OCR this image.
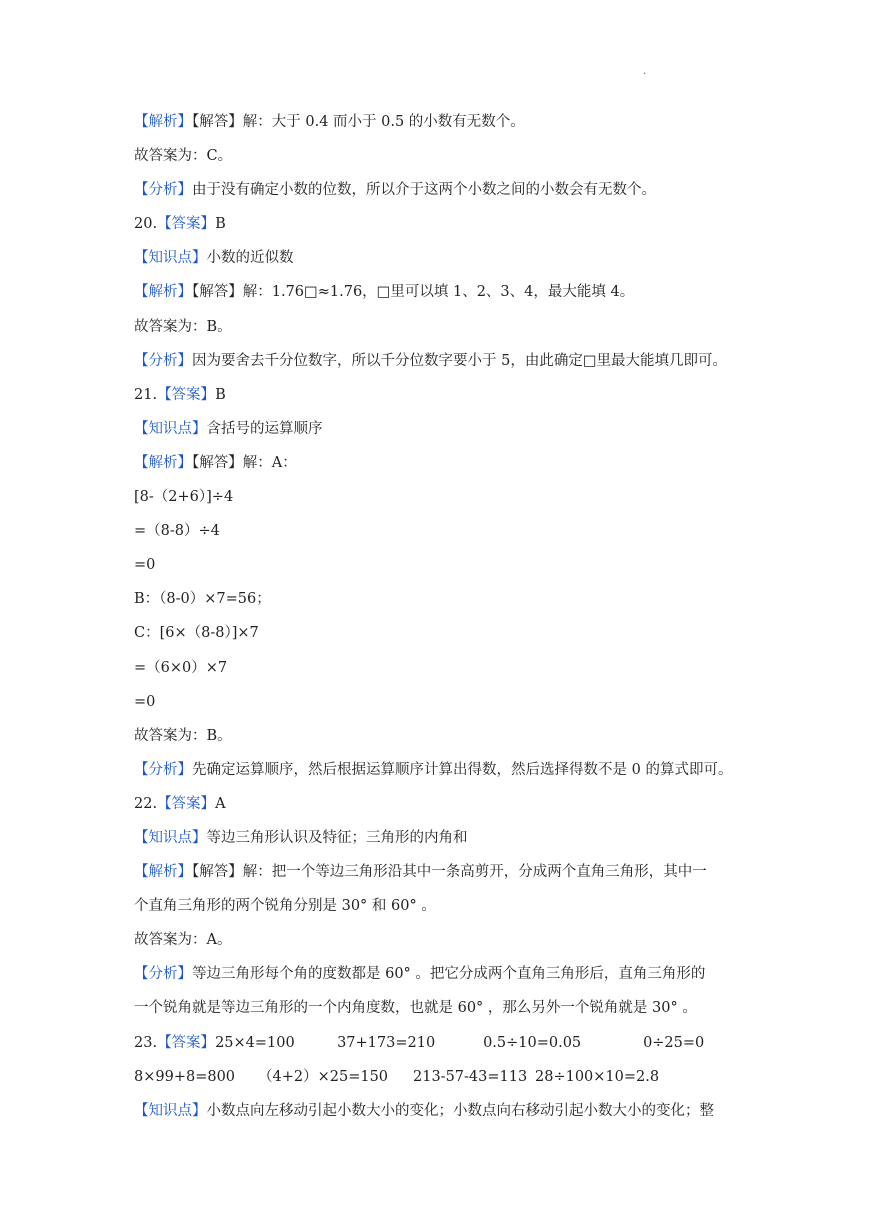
.
【解析】【解答】解：大于 0.4 而小于 0.5 的小数有无数个。
故答案为：C。
【分析】由于没有确定小数的位数，所以介于这两个小数之间的小数会有无数个。
20.【答案】B
【知识点】小数的近似数
【解析】【解答】解：1.76□≈1.76，□里可以填 1、2、3、4，最大能填 4。
故答案为：B。
【分析】因为要舍去千分位数字，所以千分位数字要小于 5，由此确定□里最大能填几即可。
21.【答案】B
【知识点】含括号的运算顺序
【解析】【解答】解：A：
[8-（2+6）]÷4
=（8-8）÷4
=0
B：（8-0）×7=56；
C：[6×（8-8）]×7
=（6×0）×7
=0
故答案为：B。
【分析】先确定运算顺序，然后根据运算顺序计算出得数，然后选择得数不是 0 的算式即可。
22.【答案】A
【知识点】等边三角形认识及特征；三角形的内角和
【解析】【解答】解：把一个等边三角形沿其中一条高剪开，分成两个直角三角形，其中一
个直角三角形的两个锐角分别是 30° 和 60° 。
故答案为：A。
【分析】等边三角形每个角的度数都是 60° 。把它分成两个直角三角形后，直角三角形的
一个锐角就是等边三角形的一个内角度数，也就是 60° ，那么另外一个锐角就是 30° 。
23. 【答案】 25×4=100	37+173=210	0.5÷10=0.05	0÷25=0
8×99+8=800	（4+2）×25=150	213-57-43=113 28÷100×10=2.8
【知识点】小数点向左移动引起小数大小的变化；小数点向右移动引起小数大小的变化；整
